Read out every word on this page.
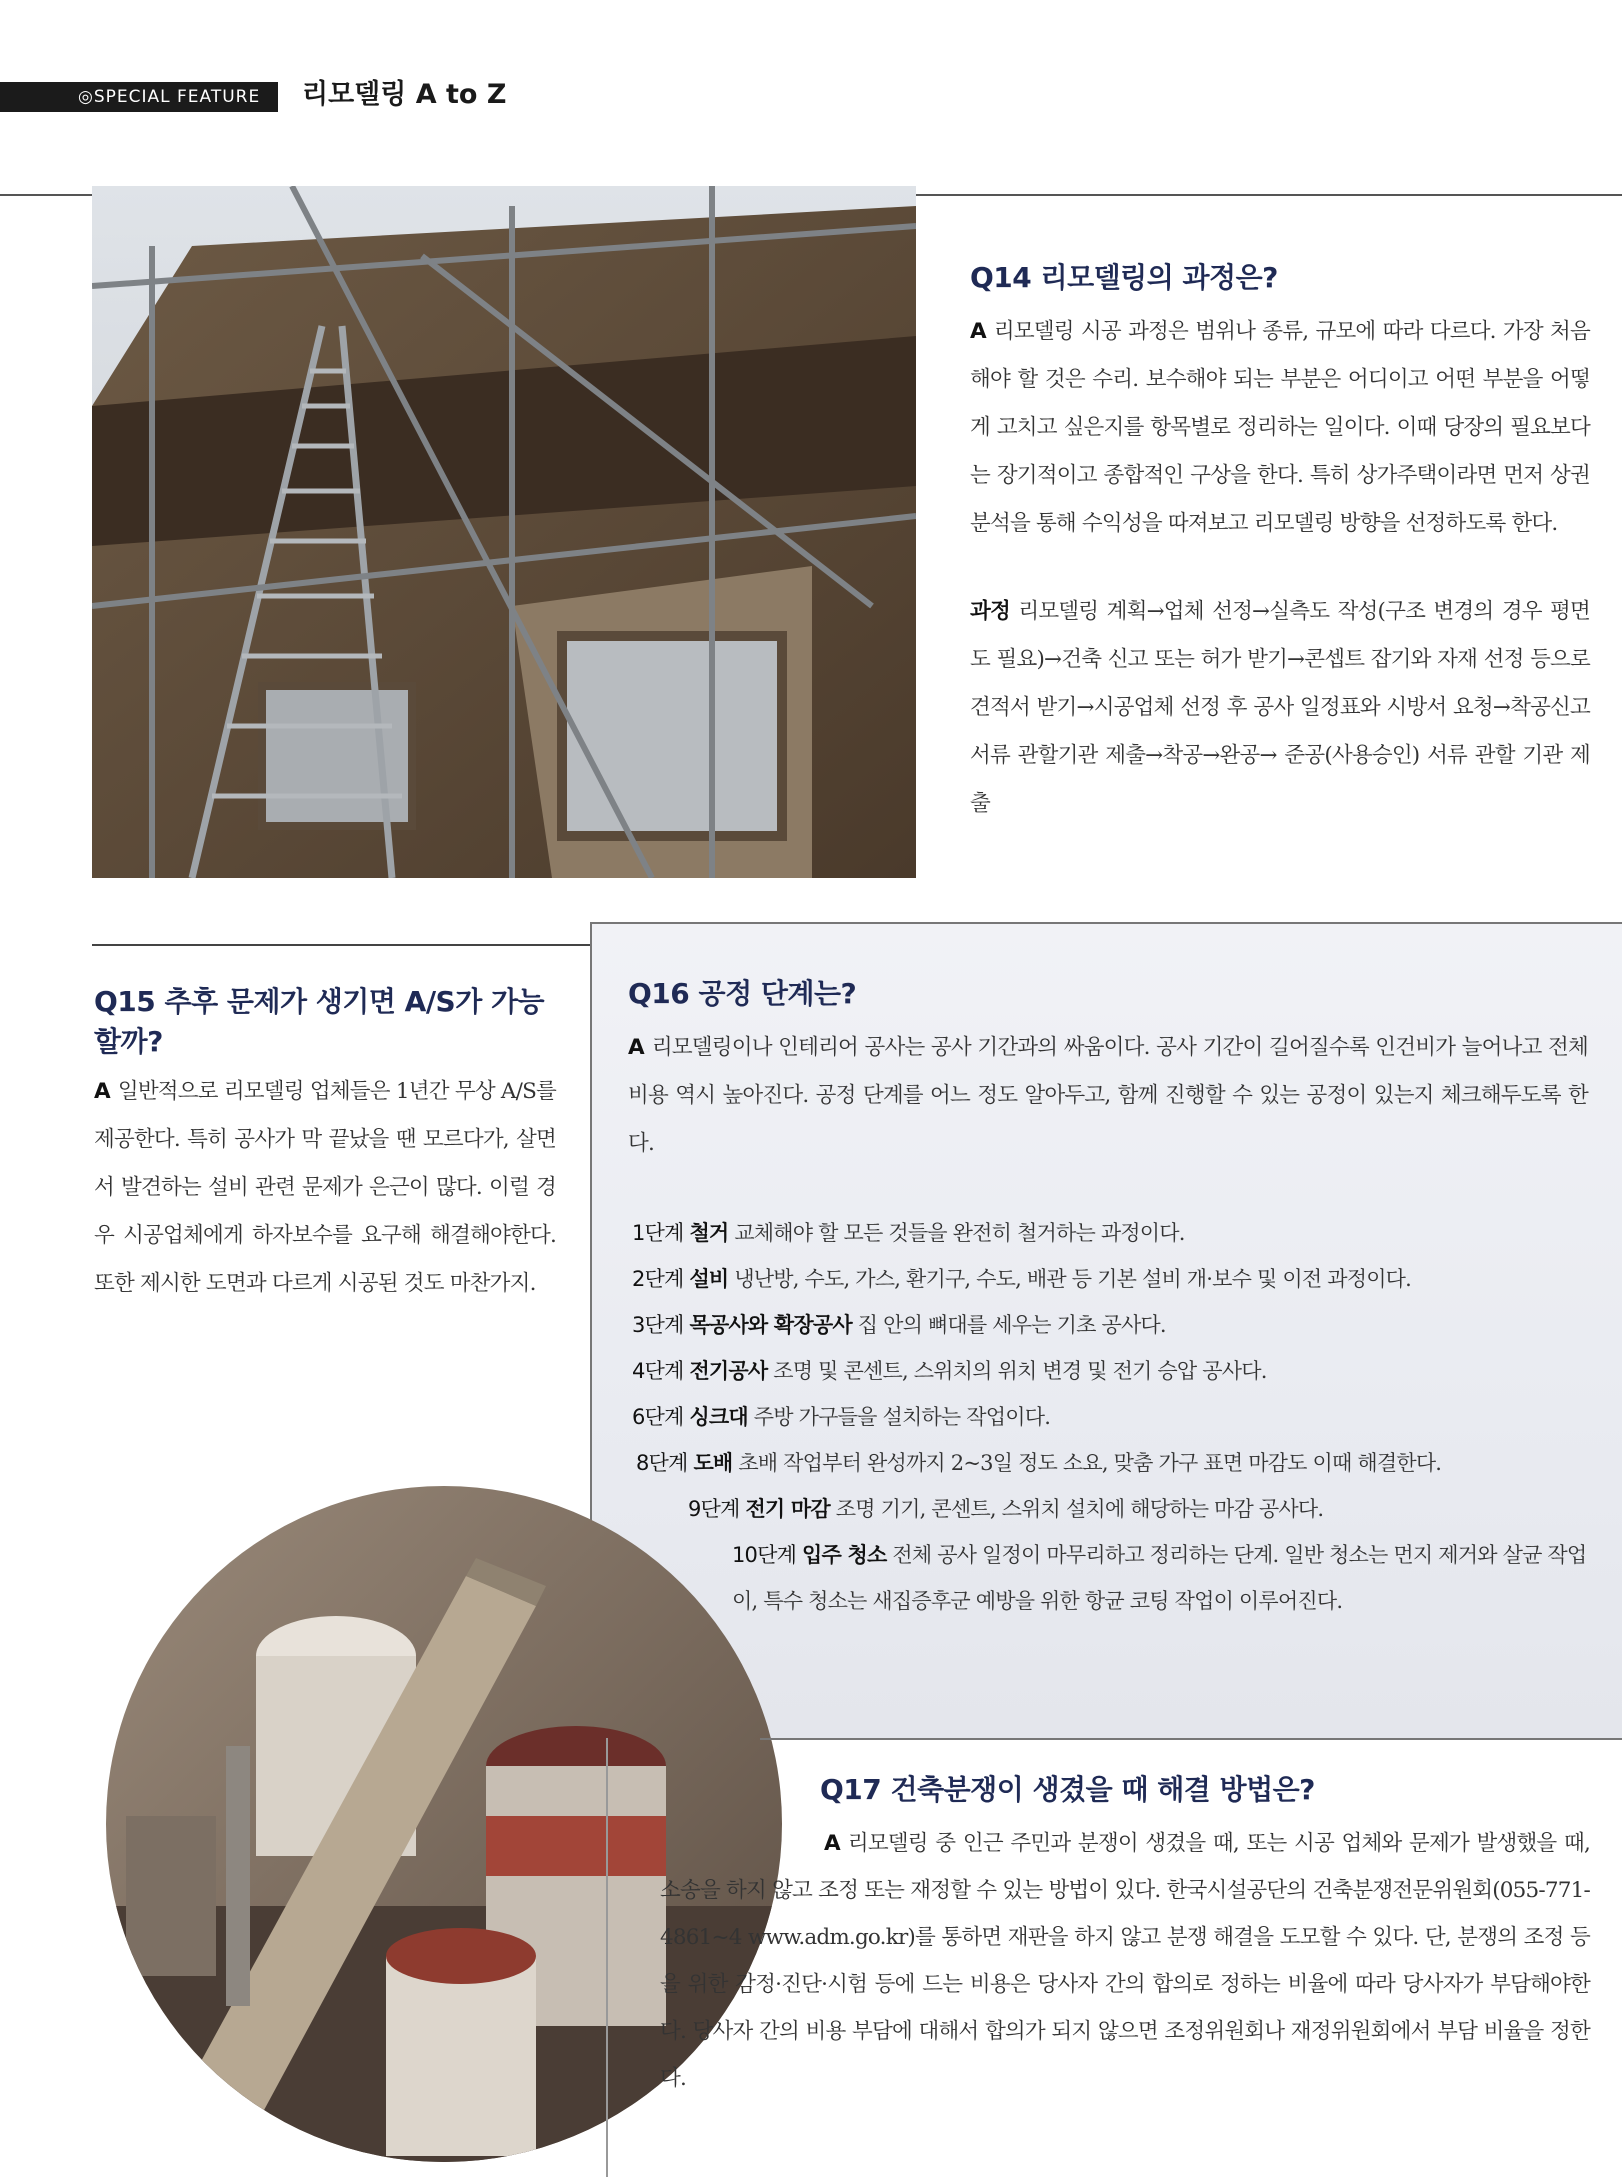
◎SPECIAL FEATURE 리모델링 A to Z
Q14 리모델링의 과정은?

A 리모델링 시공 과정은 범위나 종류, 규모에 따라 다르다. 가장 처음 해야 할 것은 수리. 보수해야 되는 부분은 어디이고 어떤 부분을 어떻게 고치고 싶은지를 항목별로 정리하는 일이다. 이때 당장의 필요보다는 장기적이고 종합적인 구상을 한다. 특히 상가주택이라면 먼저 상권 분석을 통해 수익성을 따져보고 리모델링 방향을 선정하도록 한다.

과정 리모델링 계획→업체 선정→실측도 작성(구조 변경의 경우 평면도 필요)→건축 신고 또는 허가 받기→콘셉트 잡기와 자재 선정 등으로 견적서 받기→시공업체 선정 후 공사 일정표와 시방서 요청→착공신고 서류 관할기관 제출→착공→완공→ 준공(사용승인) 서류 관할 기관 제출

Q15 추후 문제가 생기면 A/S가 가능할까?

A 일반적으로 리모델링 업체들은 1년간 무상 A/S를 제공한다. 특히 공사가 막 끝났을 땐 모르다가, 살면서 발견하는 설비 관련 문제가 은근이 많다. 이럴 경우 시공업체에게 하자보수를 요구해 해결해야한다. 또한 제시한 도면과 다르게 시공된 것도 마찬가지.

Q16 공정 단계는?

A 리모델링이나 인테리어 공사는 공사 기간과의 싸움이다. 공사 기간이 길어질수록 인건비가 늘어나고 전체 비용 역시 높아진다. 공정 단계를 어느 정도 알아두고, 함께 진행할 수 있는 공정이 있는지 체크해두도록 한다.

1단계 철거 교체해야 할 모든 것들을 완전히 철거하는 과정이다.

2단계 설비 냉난방, 수도, 가스, 환기구, 수도, 배관 등 기본 설비 개·보수 및 이전 과정이다.

3단계 목공사와 확장공사 집 안의 뼈대를 세우는 기초 공사다.

4단계 전기공사 조명 및 콘센트, 스위치의 위치 변경 및 전기 승압 공사다.

6단계 싱크대 주방 가구들을 설치하는 작업이다.

8단계 도배 초배 작업부터 완성까지 2~3일 정도 소요, 맞춤 가구 표면 마감도 이때 해결한다.

9단계 전기 마감 조명 기기, 콘센트, 스위치 설치에 해당하는 마감 공사다.

10단계 입주 청소 전체 공사 일정이 마무리하고 정리하는 단계. 일반 청소는 먼지 제거와 살균 작업이, 특수 청소는 새집증후군 예방을 위한 항균 코팅 작업이 이루어진다.

Q17 건축분쟁이 생겼을 때 해결 방법은?

A 리모델링 중 인근 주민과 분쟁이 생겼을 때, 또는 시공 업체와 문제가 발생했을 때, 소송을 하지 않고 조정 또는 재정할 수 있는 방법이 있다. 한국시설공단의 건축분쟁전문위원회(055-771-4861~4 www.adm.go.kr)를 통하면 재판을 하지 않고 분쟁 해결을 도모할 수 있다. 단, 분쟁의 조정 등을 위한 감정·진단·시험 등에 드는 비용은 당사자 간의 합의로 정하는 비율에 따라 당사자가 부담해야한다. 당사자 간의 비용 부담에 대해서 합의가 되지 않으면 조정위원회나 재정위원회에서 부담 비율을 정한다.
